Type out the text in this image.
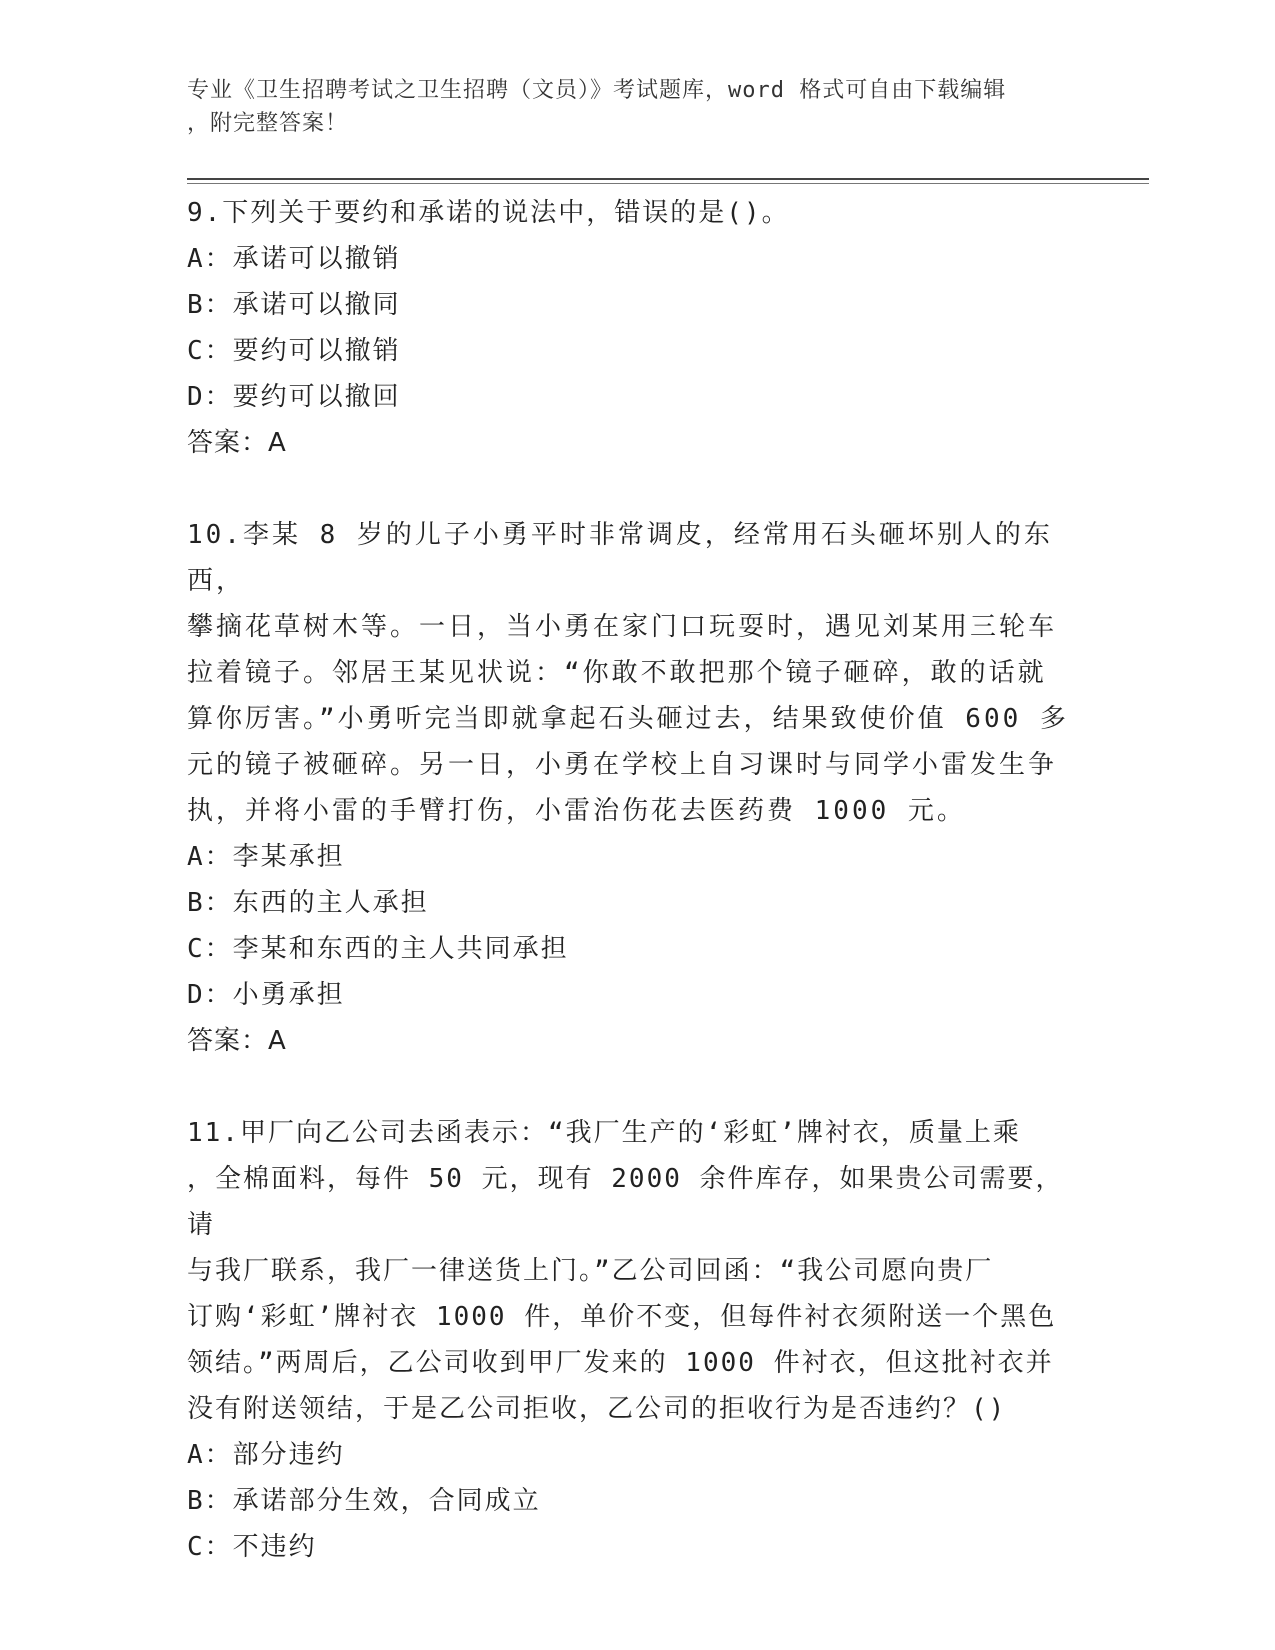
专业《卫生招聘考试之卫生招聘（文员）》考试题库，word 格式可自由下载编辑
，附完整答案！

9.下列关于要约和承诺的说法中，错误的是()。

A：承诺可以撤销

B：承诺可以撤同

C：要约可以撤销

D：要约可以撤回

答案：A

10.李某 8 岁的儿子小勇平时非常调皮，经常用石头砸坏别人的东西，

攀摘花草树木等。一日，当小勇在家门口玩耍时，遇见刘某用三轮车

拉着镜子。邻居王某见状说：“你敢不敢把那个镜子砸碎，敢的话就

算你厉害。”小勇听完当即就拿起石头砸过去，结果致使价值 600 多

元的镜子被砸碎。另一日，小勇在学校上自习课时与同学小雷发生争

执，并将小雷的手臂打伤，小雷治伤花去医药费 1000 元。

A：李某承担

B：东西的主人承担

C：李某和东西的主人共同承担

D：小勇承担

答案：A

11.甲厂向乙公司去函表示：“我厂生产的‘彩虹’牌衬衣，质量上乘

，全棉面料，每件 50 元，现有 2000 余件库存，如果贵公司需要，请

与我厂联系，我厂一律送货上门。”乙公司回函：“我公司愿向贵厂

订购‘彩虹’牌衬衣 1000 件，单价不变，但每件衬衣须附送一个黑色

领结。”两周后，乙公司收到甲厂发来的 1000 件衬衣，但这批衬衣并

没有附送领结，于是乙公司拒收，乙公司的拒收行为是否违约？()

A：部分违约

B：承诺部分生效，合同成立

C：不违约
